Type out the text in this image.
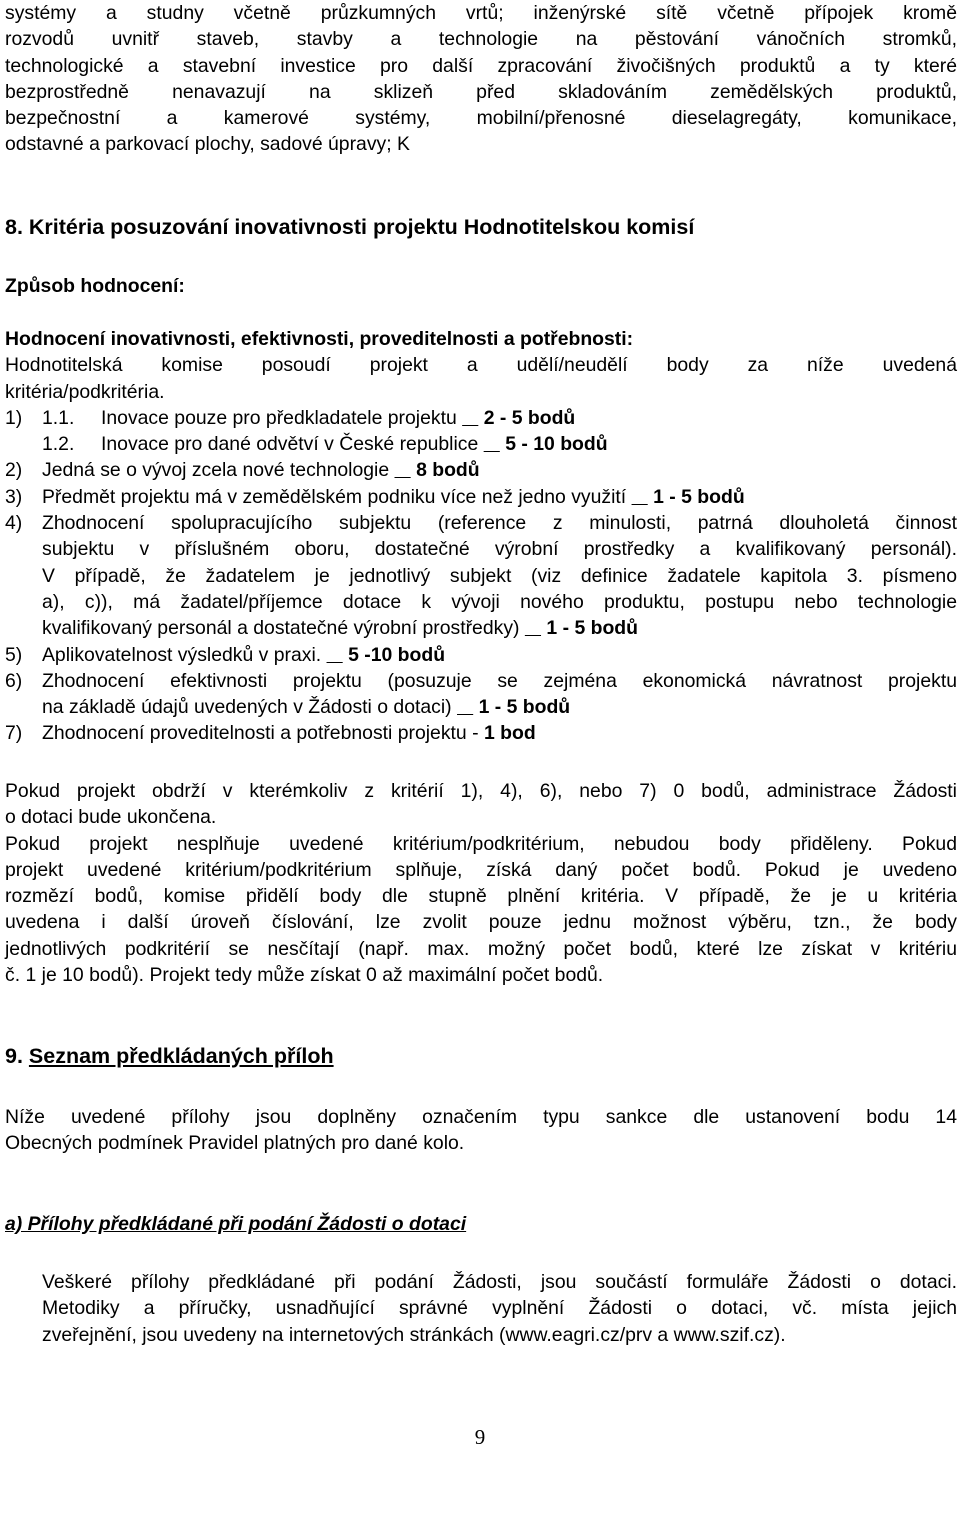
systémy a studny včetně průzkumných vrtů; inženýrské sítě včetně přípojek kromě

rozvodů uvnitř staveb, stavby a technologie na pěstování vánočních stromků,

technologické a stavební investice pro další zpracování živočišných produktů a ty které

bezprostředně nenavazují na sklizeň před skladováním zemědělských produktů,

bezpečnostní a kamerové systémy, mobilní/přenosné dieselagregáty, komunikace,

odstavné a parkovací plochy, sadové úpravy; K

8. Kritéria posuzování inovativnosti projektu Hodnotitelskou komisí

Způsob hodnocení:

Hodnocení inovativnosti, efektivnosti, proveditelnosti a potřebnosti:

Hodnotitelská komise posoudí projekt a udělí/neudělí body za níže uvedená

kritéria/podkritéria.

1)	1.1.	Inovace pouze pro předkladatele projektu 2 - 5 bodů
1.2.	Inovace pro dané odvětví v České republice 5 - 10 bodů
2)	Jedná se o vývoj zcela nové technologie 8 bodů
3)	Předmět projektu má v zemědělském podniku více než jedno využití 1 - 5 bodů
4)	Zhodnocení spolupracujícího subjektu (reference z minulosti, patrná dlouholetá činnost

subjektu v příslušném oboru, dostatečné výrobní prostředky a kvalifikovaný personál).

V případě, že žadatelem je jednotlivý subjekt (viz definice žadatele kapitola 3. písmeno

a), c)), má žadatel/příjemce dotace k vývoji nového produktu, postupu nebo technologie

kvalifikovaný personál a dostatečné výrobní prostředky) 1 - 5 bodů

5)	Aplikovatelnost výsledků v praxi. 5 -10 bodů
6)	Zhodnocení efektivnosti projektu (posuzuje se zejména ekonomická návratnost projektu

na základě údajů uvedených v Žádosti o dotaci) 1 - 5 bodů

7)	Zhodnocení proveditelnosti a potřebnosti projektu - 1 bod

Pokud projekt obdrží v kterémkoliv z kritérií 1), 4), 6), nebo 7) 0 bodů, administrace Žádosti

o dotaci bude ukončena.

Pokud projekt nesplňuje uvedené kritérium/podkritérium, nebudou body přiděleny. Pokud

projekt uvedené kritérium/podkritérium splňuje, získá daný počet bodů. Pokud je uvedeno

rozmězí bodů, komise přidělí body dle stupně plnění kritéria. V případě, že je u kritéria

uvedena i další úroveň číslování, lze zvolit pouze jednu možnost výběru, tzn., že body

jednotlivých podkritérií se nesčítají (např. max. možný počet bodů, které lze získat v kritériu

č. 1 je 10 bodů). Projekt tedy může získat 0 až maximální počet bodů.

9. Seznam předkládaných příloh

Níže uvedené přílohy jsou doplněny označením typu sankce dle ustanovení bodu 14

Obecných podmínek Pravidel platných pro dané kolo.

a) Přílohy předkládané při podání Žádosti o dotaci

Veškeré přílohy předkládané při podání Žádosti, jsou součástí formuláře Žádosti o dotaci.

Metodiky a příručky, usnadňující správné vyplnění Žádosti o dotaci, vč. místa jejich

zveřejnění, jsou uvedeny na internetových stránkách (www.eagri.cz/prv a www.szif.cz).

9
